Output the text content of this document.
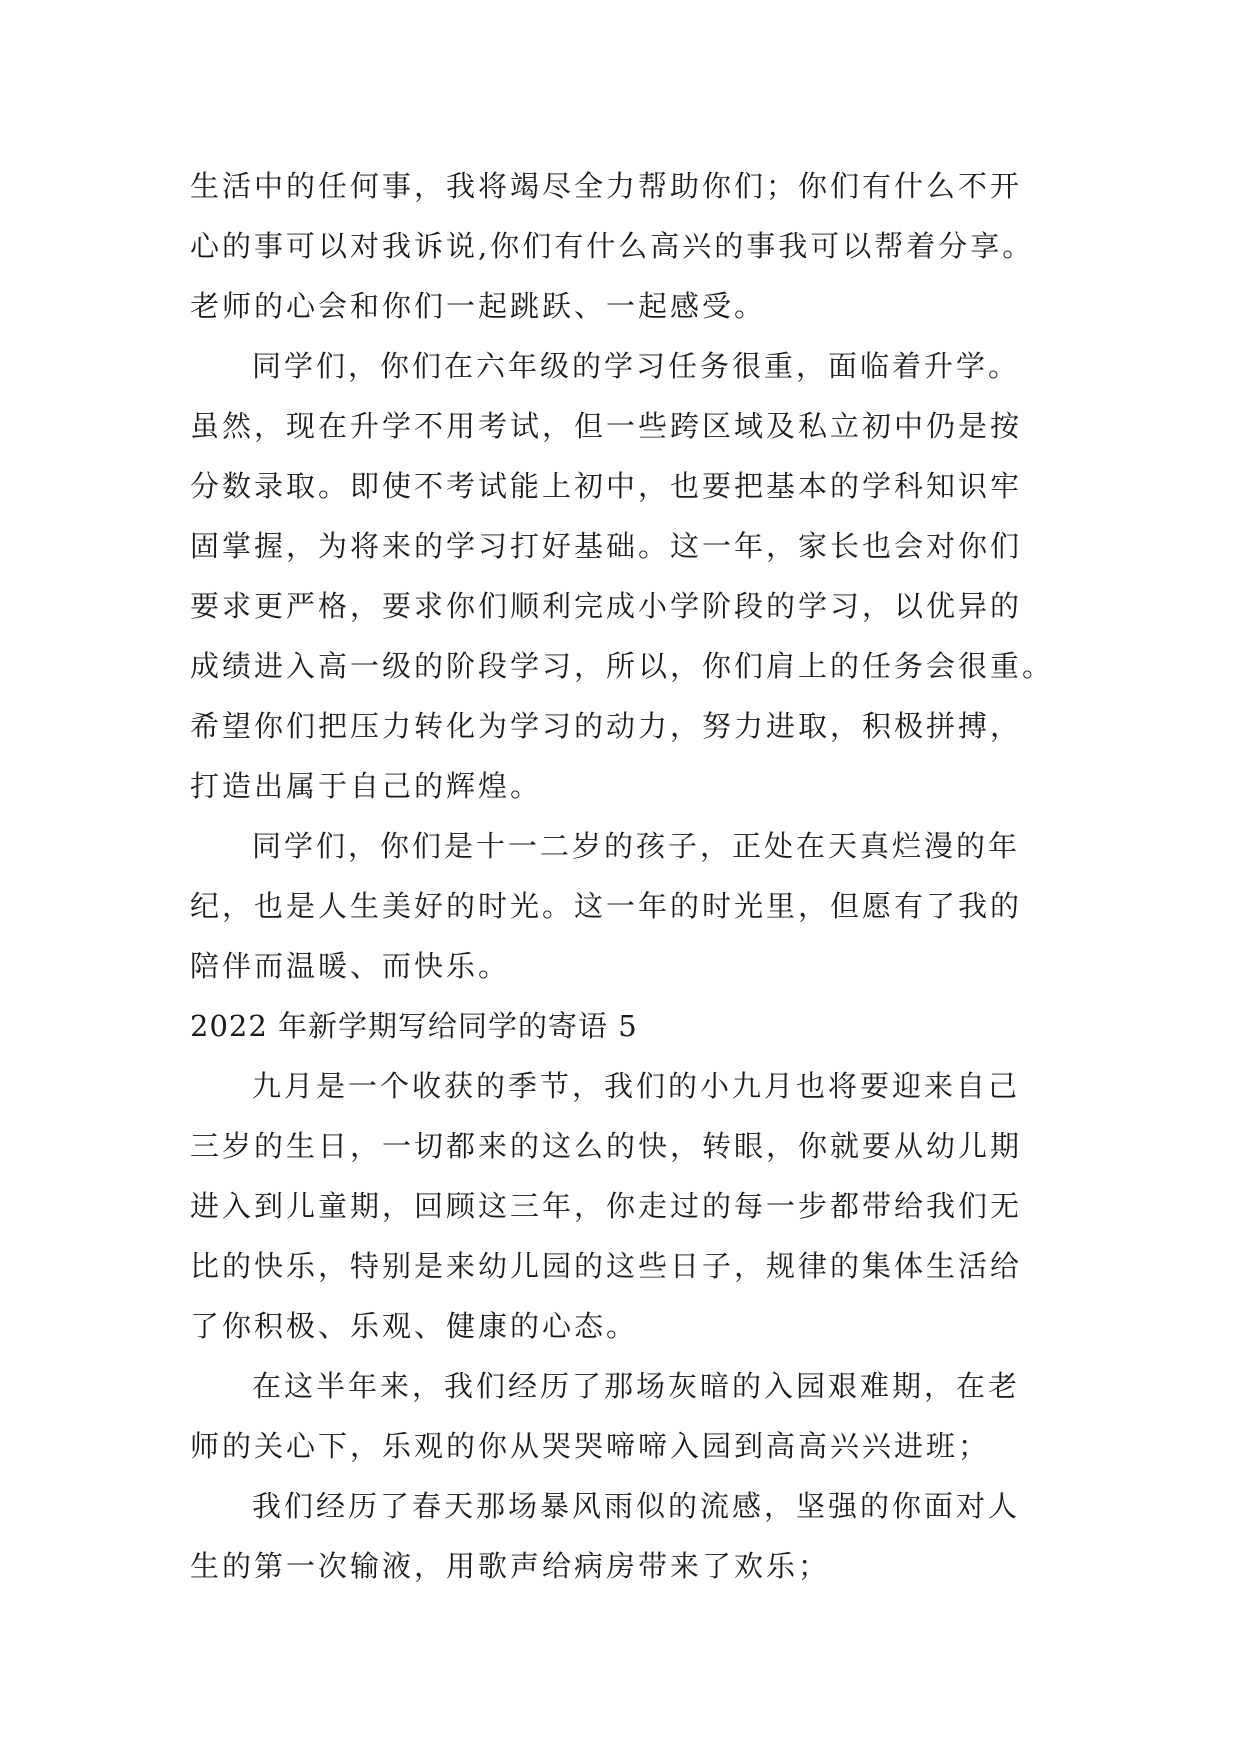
生活中的任何事，我将竭尽全力帮助你们；你们有什么不开
心的事可以对我诉说,你们有什么高兴的事我可以帮着分享。
老师的心会和你们一起跳跃、一起感受。
同学们，你们在六年级的学习任务很重，面临着升学。
虽然，现在升学不用考试，但一些跨区域及私立初中仍是按
分数录取。即使不考试能上初中，也要把基本的学科知识牢
固掌握，为将来的学习打好基础。这一年，家长也会对你们
要求更严格，要求你们顺利完成小学阶段的学习，以优异的
成绩进入高一级的阶段学习，所以，你们肩上的任务会很重。
希望你们把压力转化为学习的动力，努力进取，积极拼搏，
打造出属于自己的辉煌。
同学们，你们是十一二岁的孩子，正处在天真烂漫的年
纪，也是人生美好的时光。这一年的时光里，但愿有了我的
陪伴而温暖、而快乐。
2022 年新学期写给同学的寄语 5
九月是一个收获的季节，我们的小九月也将要迎来自己
三岁的生日，一切都来的这么的快，转眼，你就要从幼儿期
进入到儿童期，回顾这三年，你走过的每一步都带给我们无
比的快乐，特别是来幼儿园的这些日子，规律的集体生活给
了你积极、乐观、健康的心态。
在这半年来，我们经历了那场灰暗的入园艰难期，在老
师的关心下，乐观的你从哭哭啼啼入园到高高兴兴进班；
我们经历了春天那场暴风雨似的流感，坚强的你面对人
生的第一次输液，用歌声给病房带来了欢乐；
